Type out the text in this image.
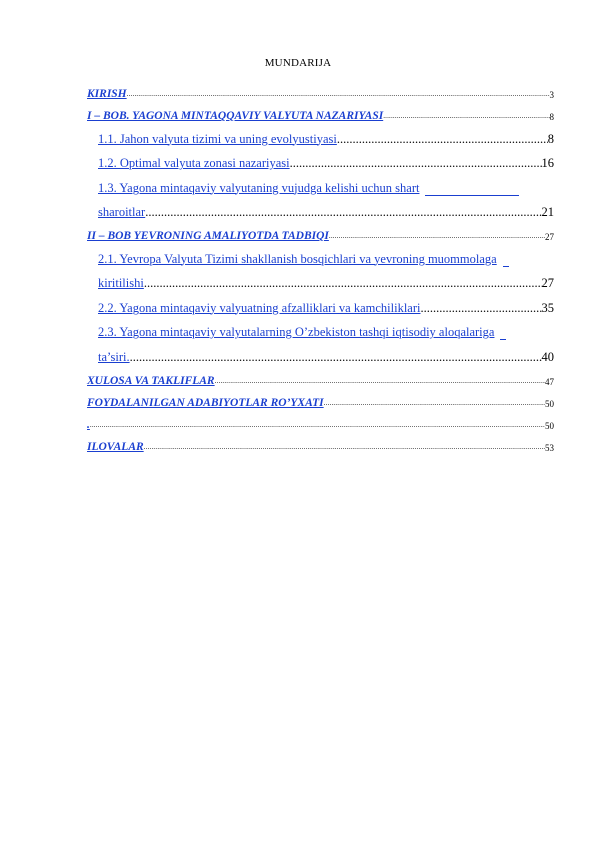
MUNDARIJA
KIRISH .....	3
I – BOB. YAGONA MINTAQQAVIY VALYUTA NAZARIYASI .....	8
1.1. Jahon valyuta tizimi va uning evolyustiyasi .....	8
1.2. Optimal valyuta zonasi nazariyasi .....	16
1.3. Yagona mintaqaviy valyutaning vujudga kelishi uchun shart
sharoitlar .....	21
II – BOB YEVRONING AMALIYOTDA TADBIQI .....	27
2.1. Yevropa Valyuta Tizimi shakllanish bosqichlari va yevroning muommolaga
kiritilishi .....	27
2.2. Yagona mintaqaviy valyuatning afzalliklari va kamchiliklari .....	35
2.3. Yagona mintaqaviy valyutalarning O’zbekiston tashqi iqtisodiy aloqalariga
ta’siri. .....	40
XULOSA VA TAKLIFLAR .....	47
FOYDALANILGAN ADABIYOTLAR RO’YXATI .....	50
. .....	50
ILOVALAR .....	53
